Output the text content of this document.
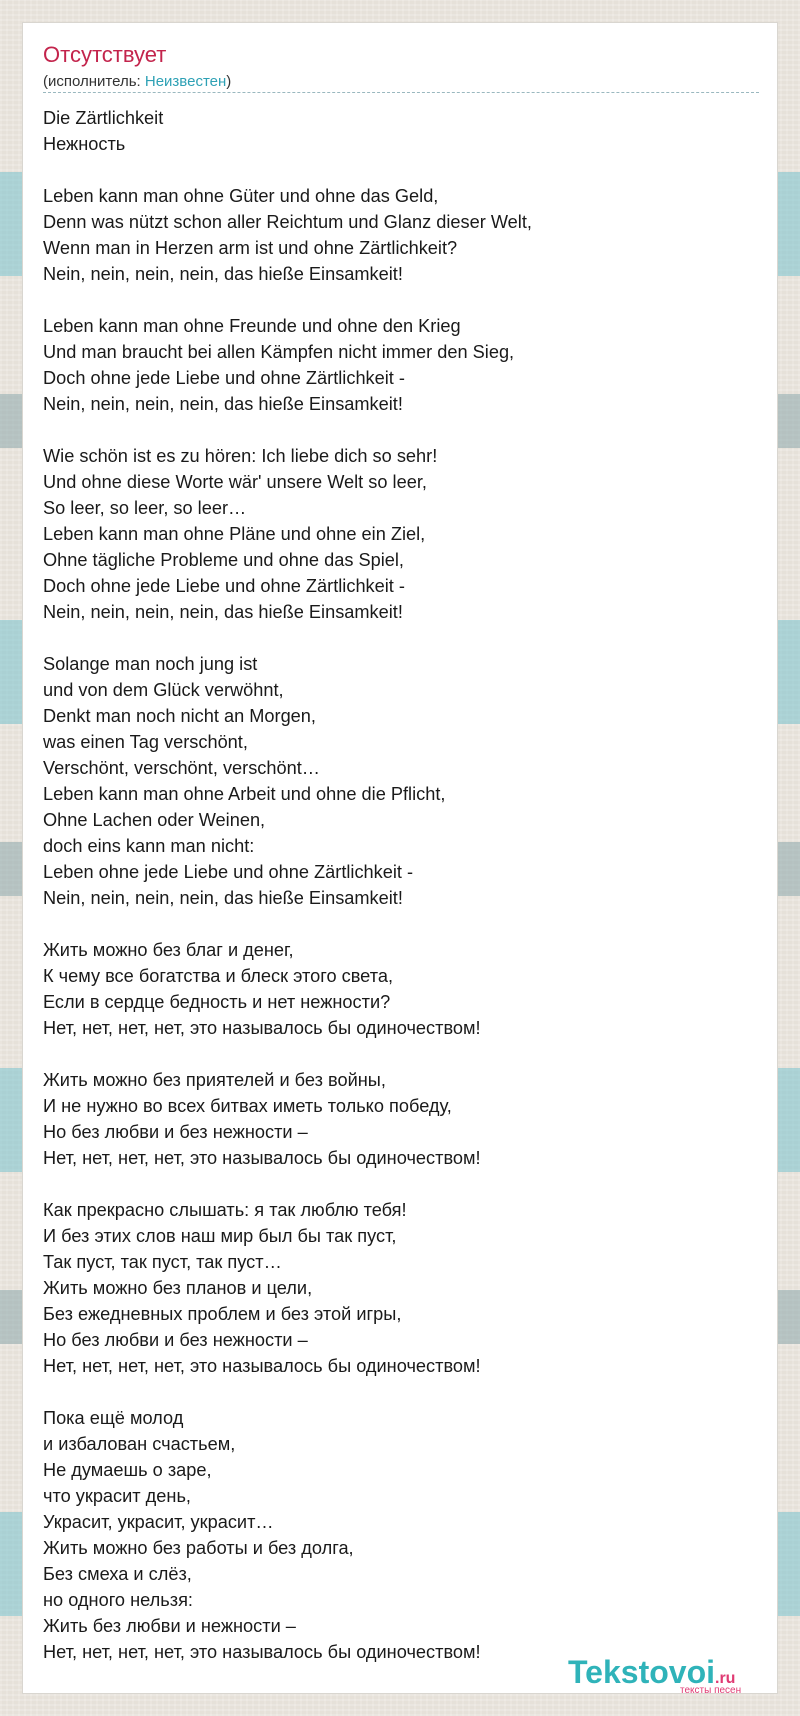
Отсутствует
(исполнитель: Неизвестен)
Die Zärtlichkeit
Нежность
Leben kann man ohne Güter und ohne das Geld,
Denn was nützt schon aller Reichtum und Glanz dieser Welt,
Wenn man in Herzen arm ist und ohne Zärtlichkeit?
Nein, nein, nein, nein, das hieße Einsamkeit!
Leben kann man ohne Freunde und ohne den Krieg
Und man braucht bei allen Kämpfen nicht immer den Sieg,
Doch ohne jede Liebe und ohne Zärtlichkeit -
Nein, nein, nein, nein, das hieße Einsamkeit!
Wie schön ist es zu hören: Ich liebe dich so sehr!
Und ohne diese Worte wär' unsere Welt so leer,
So leer, so leer, so leer…
Leben kann man ohne Pläne und ohne ein Ziel,
Ohne tägliche Probleme und ohne das Spiel,
Doch ohne jede Liebe und ohne Zärtlichkeit -
Nein, nein, nein, nein, das hieße Einsamkeit!
Solange man noch jung ist
und von dem Glück verwöhnt,
Denkt man noch nicht an Morgen,
was einen Tag verschönt,
Verschönt, verschönt, verschönt…
Leben kann man ohne Arbeit und ohne die Pflicht,
Ohne Lachen oder Weinen,
doch eins kann man nicht:
Leben ohne jede Liebe und ohne Zärtlichkeit -
Nein, nein, nein, nein, das hieße Einsamkeit!
Жить можно без благ и денег,
К чему все богатства и блеск этого света,
Если в сердце бедность и нет нежности?
Нет, нет, нет, нет, это называлось бы одиночеством!
Жить можно без приятелей и без войны,
И не нужно во всех битвах иметь только победу,
Но без любви и без нежности –
Нет, нет, нет, нет, это называлось бы одиночеством!
Как прекрасно слышать: я так люблю тебя!
И без этих слов наш мир был бы так пуст,
Так пуст, так пуст, так пуст…
Жить можно без планов и цели,
Без ежедневных проблем и без этой игры,
Но без любви и без нежности –
Нет, нет, нет, нет, это называлось бы одиночеством!
Пока ещё молод
и избалован счастьем,
Не думаешь о заре,
что украсит день,
Украсит, украсит, украсит…
Жить можно без работы и без долга,
Без смеха и слёз,
но одного нельзя:
Жить без любви и нежности –
Нет, нет, нет, нет, это называлось бы одиночеством!
Tekstovoi.ru
тексты песен
